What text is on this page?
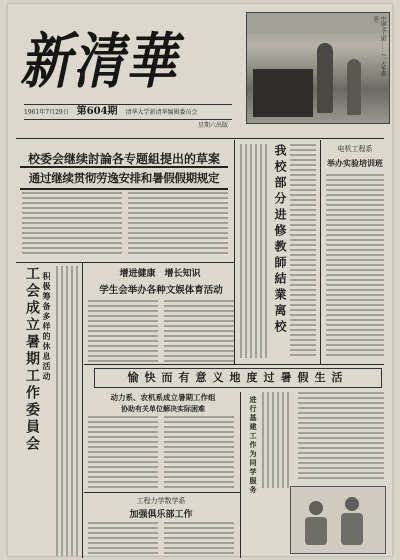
新清華
1961年7月29日 第604期 清华大学新清华编辑委员会
星期六出版
中国文工团……（一天华摄影）
校委会继续討論各专题組提出的草案
通过继续贯彻劳逸安排和暑假假期规定	我校部分进修教師結業离校	电机工程系
举办实验培训班
工会成立暑期工作委員会 积极筹备多样的休息活动	增进健康　增长知识
学生会举办各种文娱体育活动
愉快而有意义地度过暑假生活
动力系、农机系成立暑期工作组
协助有关单位解决实际困难	进行基建工作为同学服务
工程力学数学系
加强俱乐部工作
